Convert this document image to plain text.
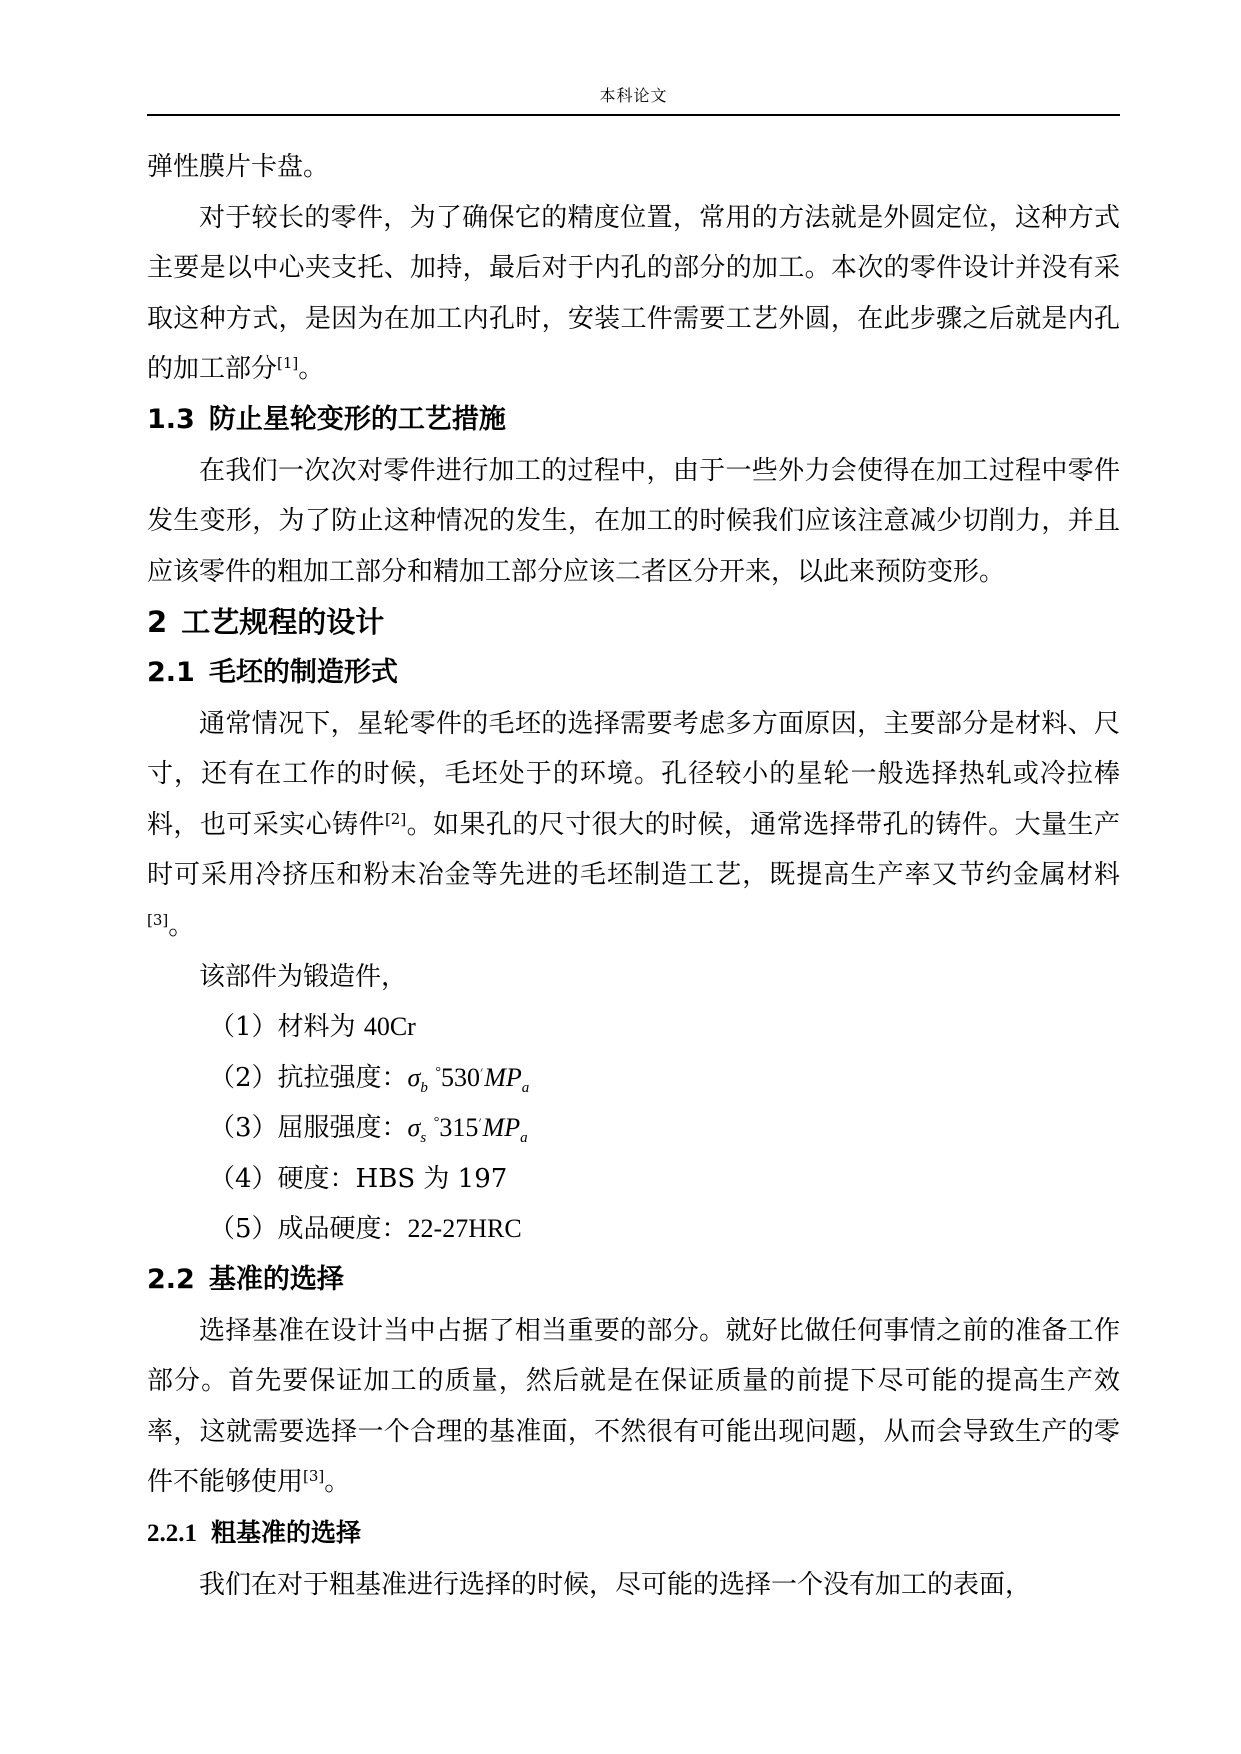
本科论文

弹性膜片卡盘。

对于较长的零件，为了确保它的精度位置，常用的方法就是外圆定位，这种方式主要是以中心夹支托、加持，最后对于内孔的部分的加工。本次的零件设计并没有采取这种方式，是因为在加工内孔时，安装工件需要工艺外圆，在此步骤之后就是内孔的加工部分[1]。

1.3 防止星轮变形的工艺措施

在我们一次次对零件进行加工的过程中，由于一些外力会使得在加工过程中零件发生变形，为了防止这种情况的发生，在加工的时候我们应该注意减少切削力，并且应该零件的粗加工部分和精加工部分应该二者区分开来，以此来预防变形。

2 工艺规程的设计
2.1 毛坯的制造形式

通常情况下，星轮零件的毛坯的选择需要考虑多方面原因，主要部分是材料、尺寸，还有在工作的时候，毛坯处于的环境。孔径较小的星轮一般选择热轧或冷拉棒料，也可采实心铸件[2]。如果孔的尺寸很大的时候，通常选择带孔的铸件。大量生产时可采用冷挤压和粉末冶金等先进的毛坯制造工艺，既提高生产率又节约金属材料[3]。

该部件为锻造件，

（1）材料为 40Cr

（2）抗拉强度：$\sigma_b$ ׳°530 $MP_a$

（3）屈服强度：$\sigma_s$ ׳°315 $MP_a$

（4）硬度：HBS 为 197

（5）成品硬度：22-27HRC

2.2 基准的选择

选择基准在设计当中占据了相当重要的部分。就好比做任何事情之前的准备工作部分。首先要保证加工的质量，然后就是在保证质量的前提下尽可能的提高生产效率，这就需要选择一个合理的基准面，不然很有可能出现问题，从而会导致生产的零件不能够使用[3]。

2.2.1 粗基准的选择

我们在对于粗基准进行选择的时候，尽可能的选择一个没有加工的表面，
